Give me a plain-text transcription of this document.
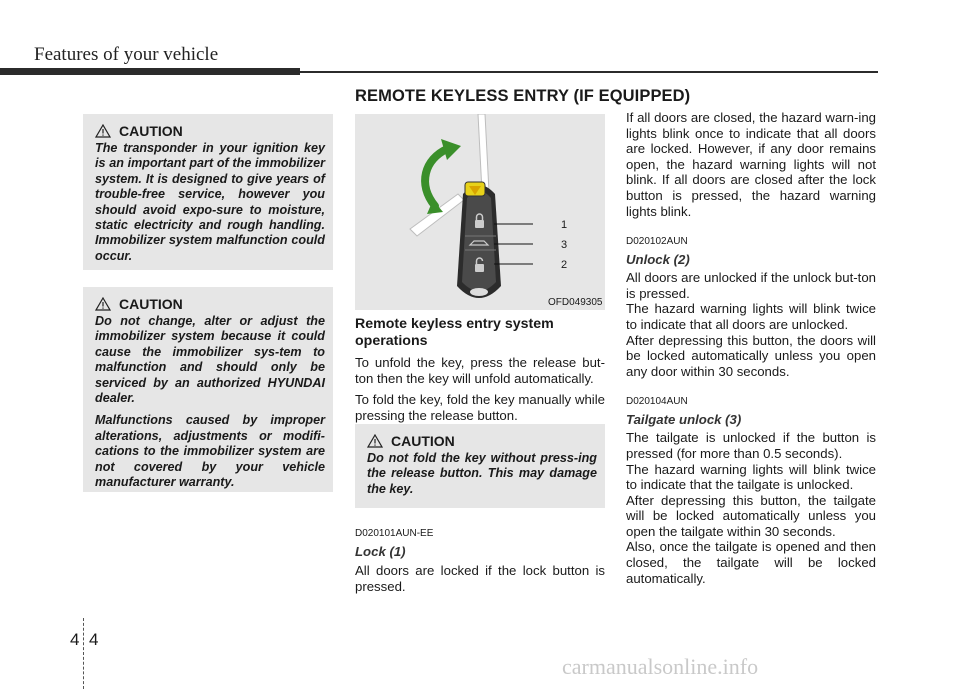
Features of your vehicle
REMOTE KEYLESS ENTRY (IF EQUIPPED)
CAUTION

The transponder in your ignition key is an important part of the immobilizer system. It is designed to give years of trouble-free service, however you should avoid expo-sure to moisture, static electricity and rough handling. Immobilizer system malfunction could occur.

CAUTION

Do not change, alter or adjust the immobilizer system because it could cause the immobilizer sys-tem to malfunction and should only be serviced by an authorized HYUNDAI dealer.

Malfunctions caused by improper alterations, adjustments or modifi-cations to the immobilizer system are not covered by your vehicle manufacturer warranty.

1
3
2
OFD049305
Remote keyless entry system operations

To unfold the key, press the release but-ton then the key will unfold automatically.

To fold the key, fold the key manually while pressing the release button.

CAUTION

Do not fold the key without press-ing the release button. This may damage the key.

D020101AUN-EE
Lock (1)

All doors are locked if the lock button is pressed.

If all doors are closed, the hazard warn-ing lights blink once to indicate that all doors are locked. However, if any door remains open, the hazard warning lights will not blink. If all doors are closed after the lock button is pressed, the hazard warning lights blink.

D020102AUN
Unlock (2)

All doors are unlocked if the unlock but-ton is pressed.

The hazard warning lights will blink twice to indicate that all doors are unlocked.

After depressing this button, the doors will be locked automatically unless you open any door within 30 seconds.

D020104AUN
Tailgate unlock (3)

The tailgate is unlocked if the button is pressed (for more than 0.5 seconds).

The hazard warning lights will blink twice to indicate that the tailgate is unlocked.

After depressing this button, the tailgate will be locked automatically unless you open the tailgate within 30 seconds.

Also, once the tailgate is opened and then closed, the tailgate will be locked automatically.

4 4
carmanualsonline.info
